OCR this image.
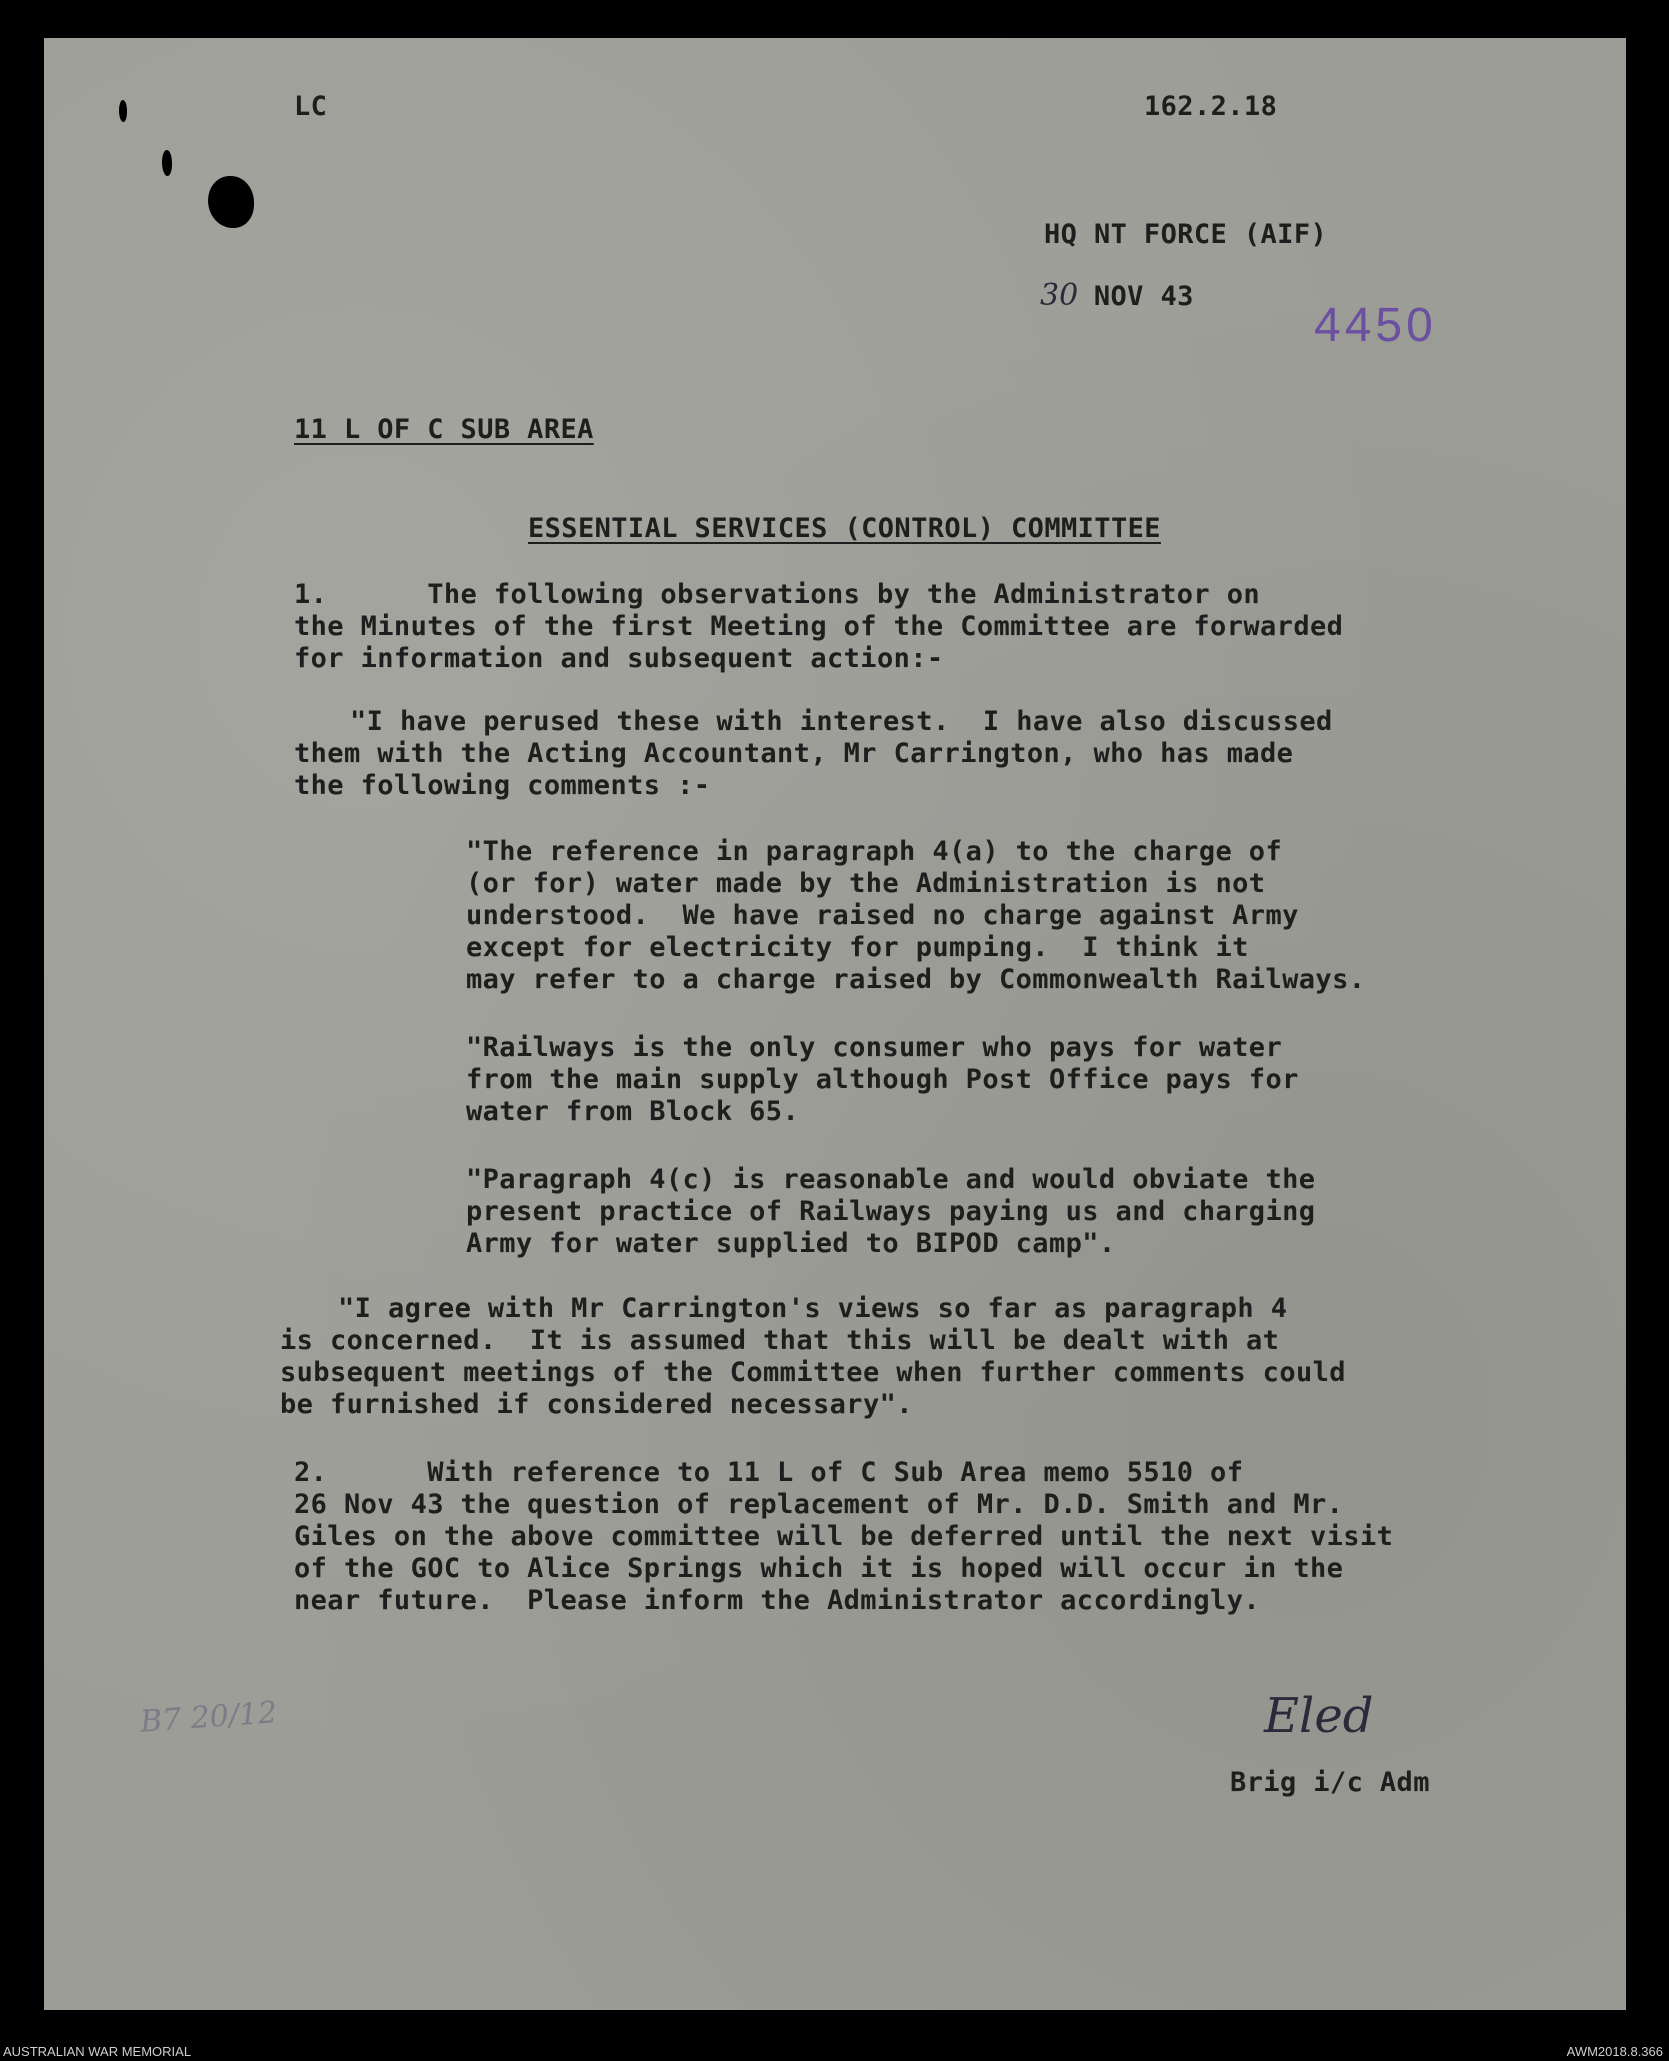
LC	162.2.18
HQ NT FORCE (AIF)
30 NOV 43
4450
11 L OF C SUB AREA
ESSENTIAL SERVICES (CONTROL) COMMITTEE
1.      The following observations by the Administrator on
the Minutes of the first Meeting of the Committee are forwarded
for information and subsequent action:-
"I have perused these with interest.  I have also discussed
them with the Acting Accountant, Mr Carrington, who has made
the following comments :-
"The reference in paragraph 4(a) to the charge of
(or for) water made by the Administration is not
understood.  We have raised no charge against Army
except for electricity for pumping.  I think it
may refer to a charge raised by Commonwealth Railways.
"Railways is the only consumer who pays for water
from the main supply although Post Office pays for
water from Block 65.
"Paragraph 4(c) is reasonable and would obviate the
present practice of Railways paying us and charging
Army for water supplied to BIPOD camp".
"I agree with Mr Carrington's views so far as paragraph 4
is concerned.  It is assumed that this will be dealt with at
subsequent meetings of the Committee when further comments could
be furnished if considered necessary".
2.      With reference to 11 L of C Sub Area memo 5510 of
26 Nov 43 the question of replacement of Mr. D.D. Smith and Mr.
Giles on the above committee will be deferred until the next visit
of the GOC to Alice Springs which it is hoped will occur in the
near future.  Please inform the Administrator accordingly.
B7 20/12	Eled
Brig i/c Adm
AUSTRALIAN WAR MEMORIAL	AWM2018.8.366
